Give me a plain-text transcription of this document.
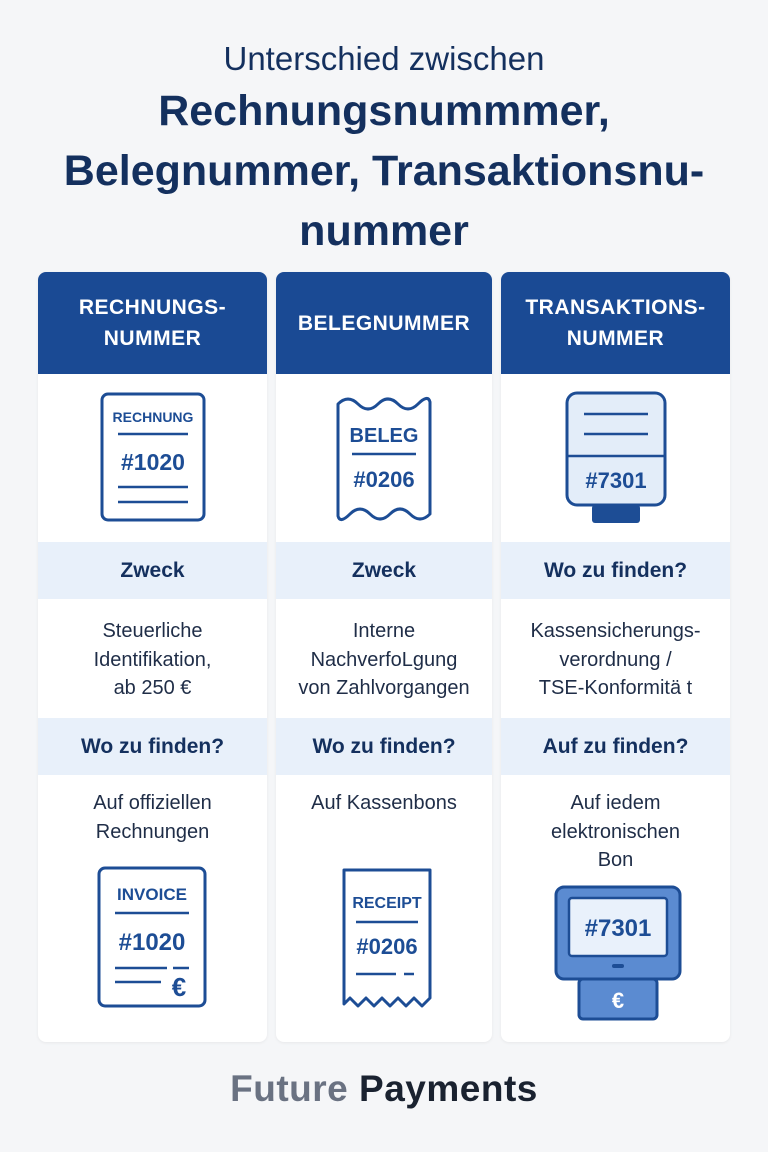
Unterschied zwischen
Rechnungsnummmer,
Belegnummer, Transaktionsnu-
nummer
RECHNUNGS-
NUMMER
RECHNUNG
#1020
Zweck
Steuerliche
Identifikation,
ab 250 €
Wo zu finden?
Auf offiziellen
Rechnungen
INVOICE
#1020
€
BELEGNUMMER
BELEG
#0206
Zweck
Interne
NachverfoLgung
von Zahlvorgangen
Wo zu finden?
Auf Kassenbons
RECEIPT
#0206
TRANSAKTIONS-
NUMMER
#7301
Wo zu finden?
Kassensicherungs-
verordnung /
TSE-Konformitä t
Auf zu finden?
Auf iedem
elektronischen
Bon
#7301
€
Future Payments
